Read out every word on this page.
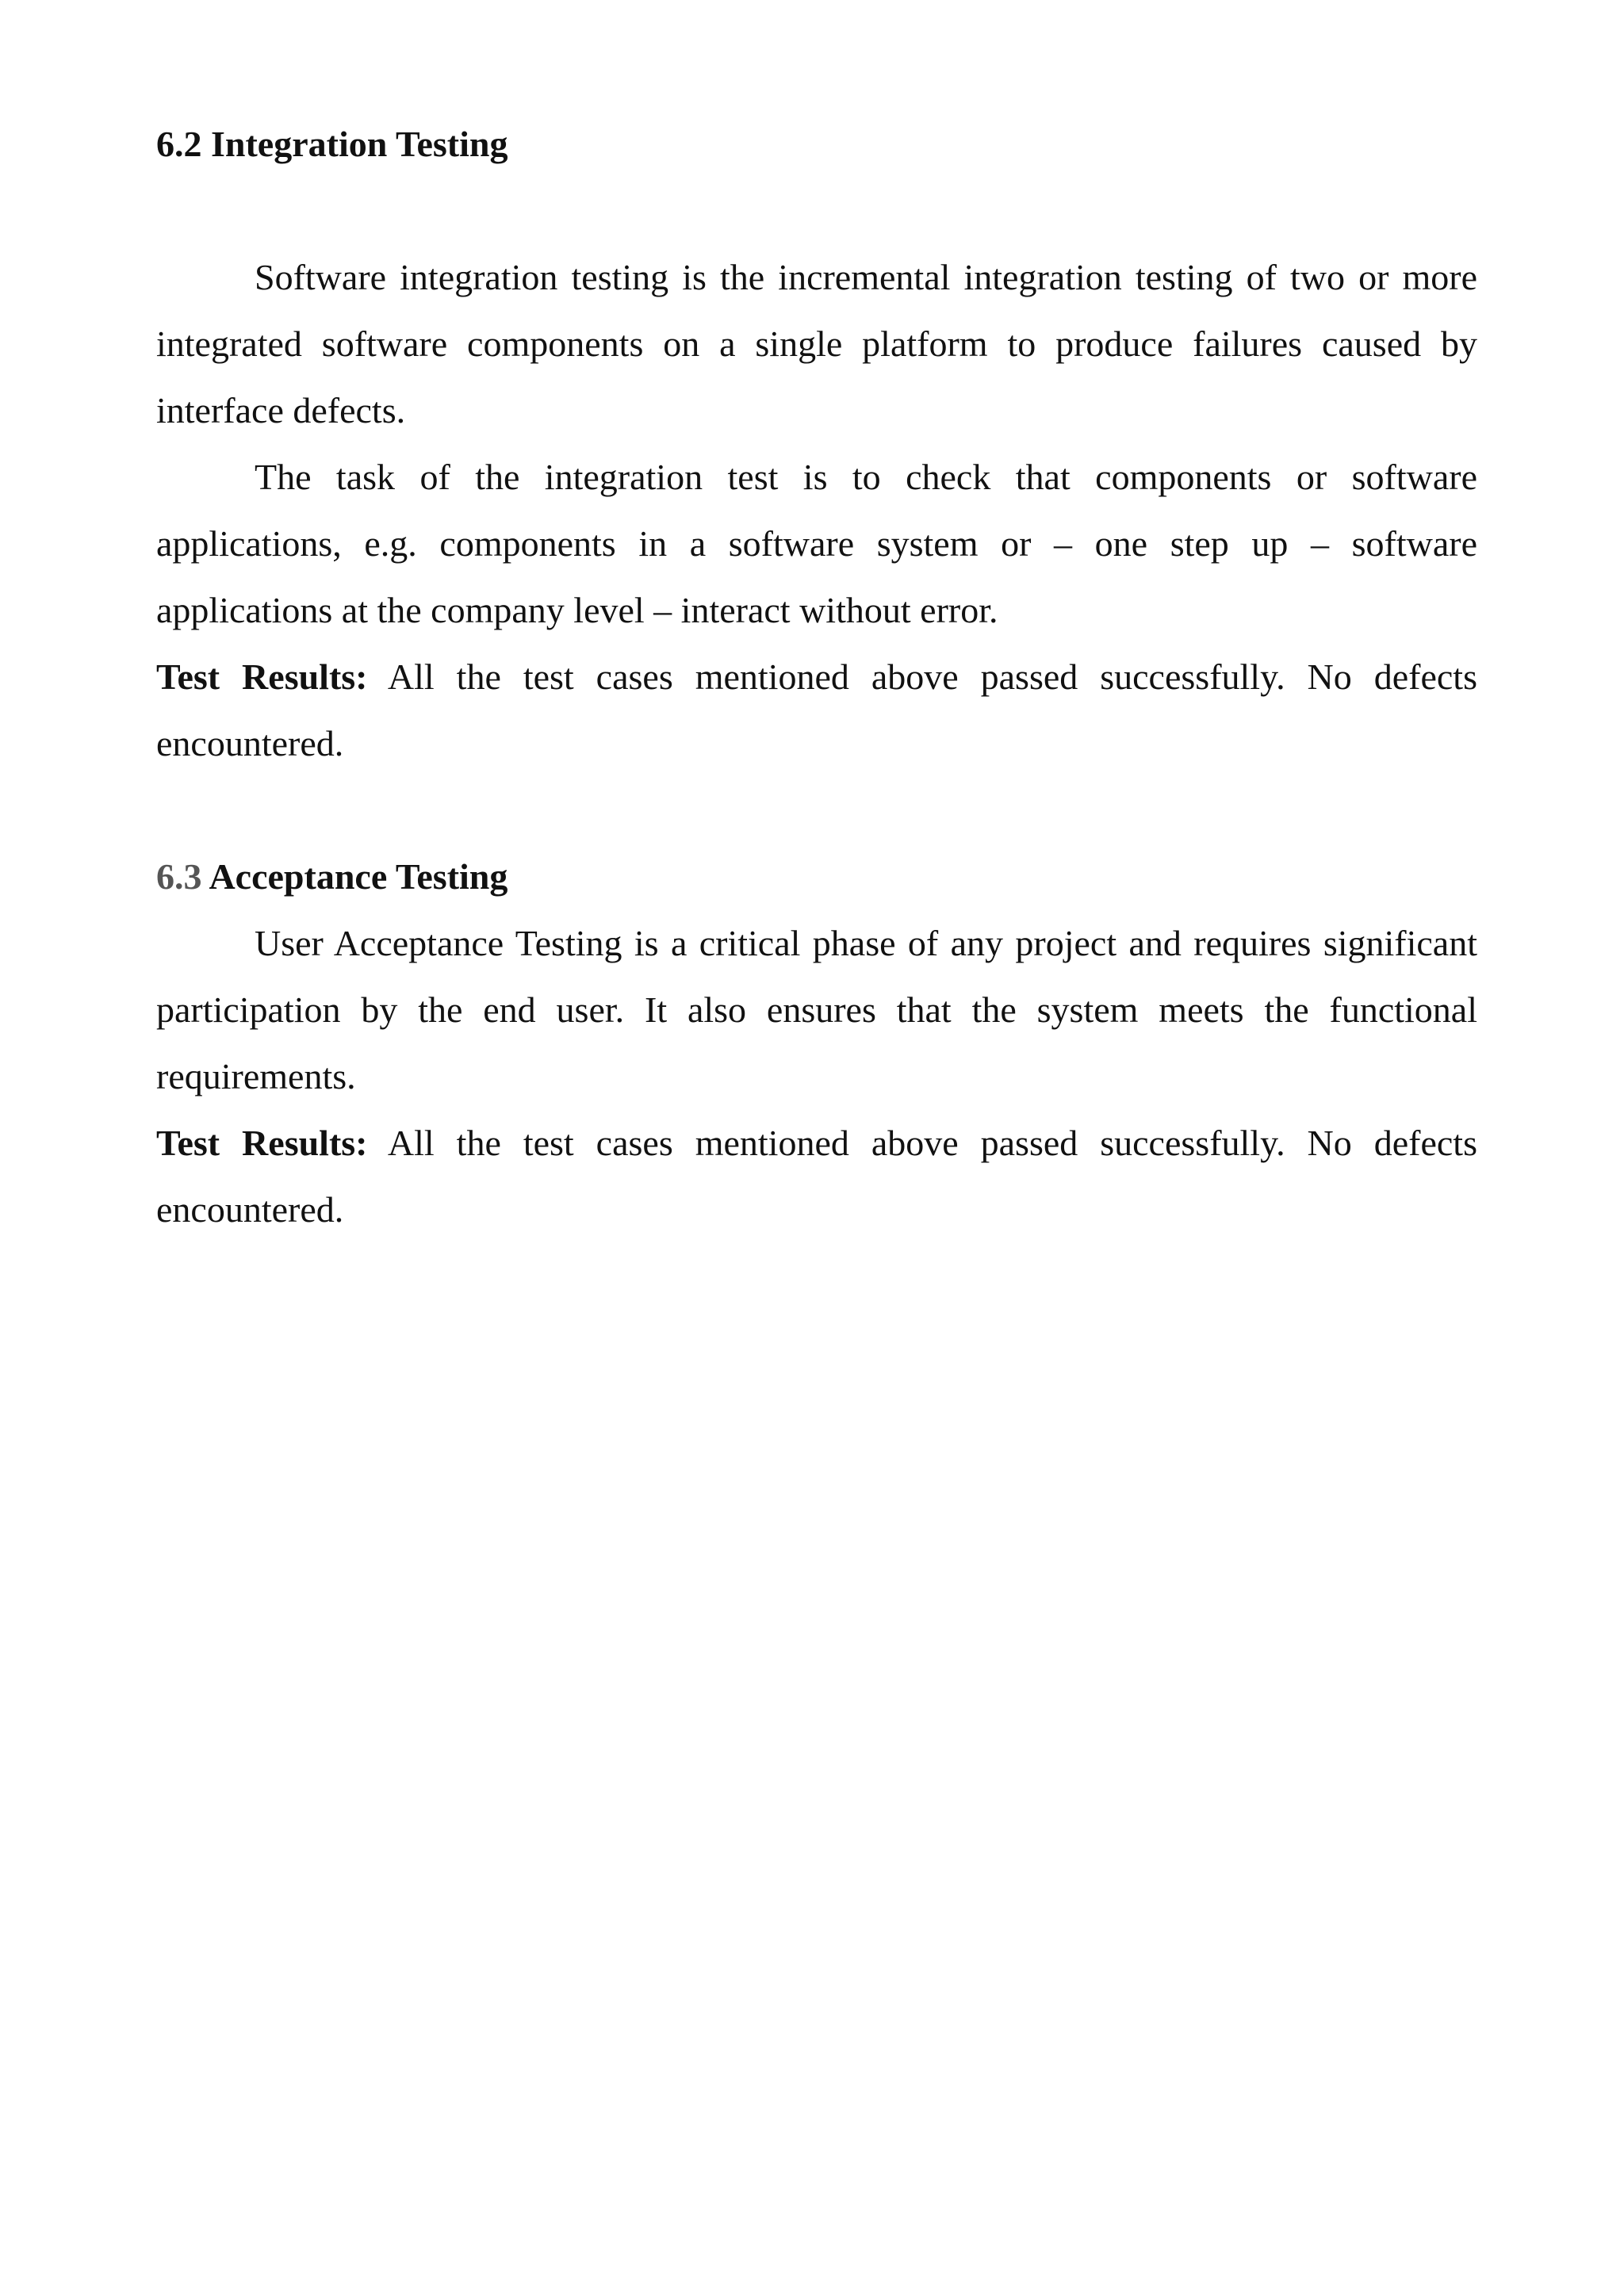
6.2 Integration Testing

Software integration testing is the incremental integration testing of two or more integrated software components on a single platform to produce failures caused by interface defects.

The task of the integration test is to check that components or software applications, e.g. components in a software system or – one step up – software applications at the company level – interact without error.

Test Results: All the test cases mentioned above passed successfully. No defects encountered.

6.3 Acceptance Testing

User Acceptance Testing is a critical phase of any project and requires significant participation by the end user. It also ensures that the system meets the functional requirements.

Test Results: All the test cases mentioned above passed successfully. No defects encountered.
